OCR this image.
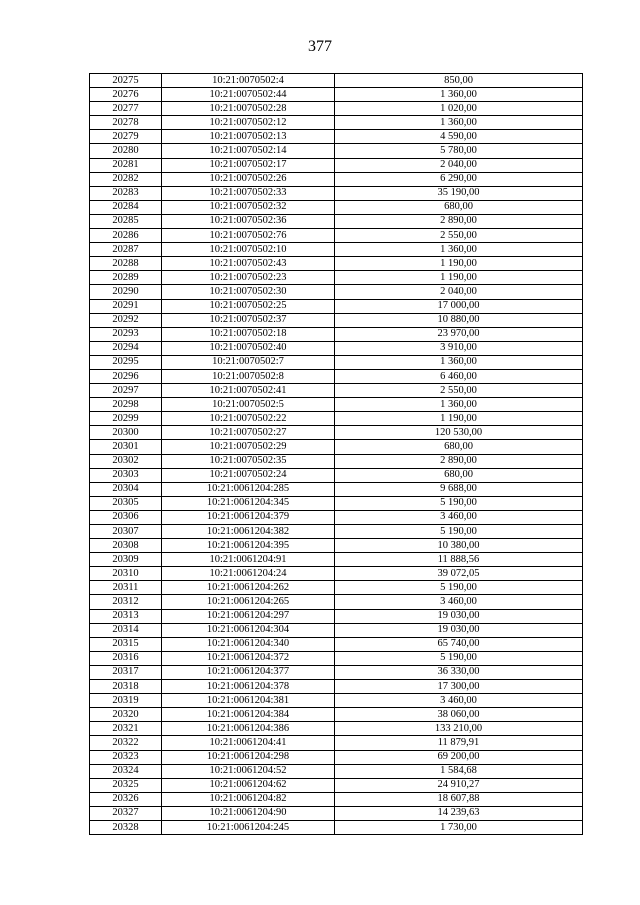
377
20275	10:21:0070502:4	850,00
20276	10:21:0070502:44	1 360,00
20277	10:21:0070502:28	1 020,00
20278	10:21:0070502:12	1 360,00
20279	10:21:0070502:13	4 590,00
20280	10:21:0070502:14	5 780,00
20281	10:21:0070502:17	2 040,00
20282	10:21:0070502:26	6 290,00
20283	10:21:0070502:33	35 190,00
20284	10:21:0070502:32	680,00
20285	10:21:0070502:36	2 890,00
20286	10:21:0070502:76	2 550,00
20287	10:21:0070502:10	1 360,00
20288	10:21:0070502:43	1 190,00
20289	10:21:0070502:23	1 190,00
20290	10:21:0070502:30	2 040,00
20291	10:21:0070502:25	17 000,00
20292	10:21:0070502:37	10 880,00
20293	10:21:0070502:18	23 970,00
20294	10:21:0070502:40	3 910,00
20295	10:21:0070502:7	1 360,00
20296	10:21:0070502:8	6 460,00
20297	10:21:0070502:41	2 550,00
20298	10:21:0070502:5	1 360,00
20299	10:21:0070502:22	1 190,00
20300	10:21:0070502:27	120 530,00
20301	10:21:0070502:29	680,00
20302	10:21:0070502:35	2 890,00
20303	10:21:0070502:24	680,00
20304	10:21:0061204:285	9 688,00
20305	10:21:0061204:345	5 190,00
20306	10:21:0061204:379	3 460,00
20307	10:21:0061204:382	5 190,00
20308	10:21:0061204:395	10 380,00
20309	10:21:0061204:91	11 888,56
20310	10:21:0061204:24	39 072,05
20311	10:21:0061204:262	5 190,00
20312	10:21:0061204:265	3 460,00
20313	10:21:0061204:297	19 030,00
20314	10:21:0061204:304	19 030,00
20315	10:21:0061204:340	65 740,00
20316	10:21:0061204:372	5 190,00
20317	10:21:0061204:377	36 330,00
20318	10:21:0061204:378	17 300,00
20319	10:21:0061204:381	3 460,00
20320	10:21:0061204:384	38 060,00
20321	10:21:0061204:386	133 210,00
20322	10:21:0061204:41	11 879,91
20323	10:21:0061204:298	69 200,00
20324	10:21:0061204:52	1 584,68
20325	10:21:0061204:62	24 910,27
20326	10:21:0061204:82	18 607,88
20327	10:21:0061204:90	14 239,63
20328	10:21:0061204:245	1 730,00
